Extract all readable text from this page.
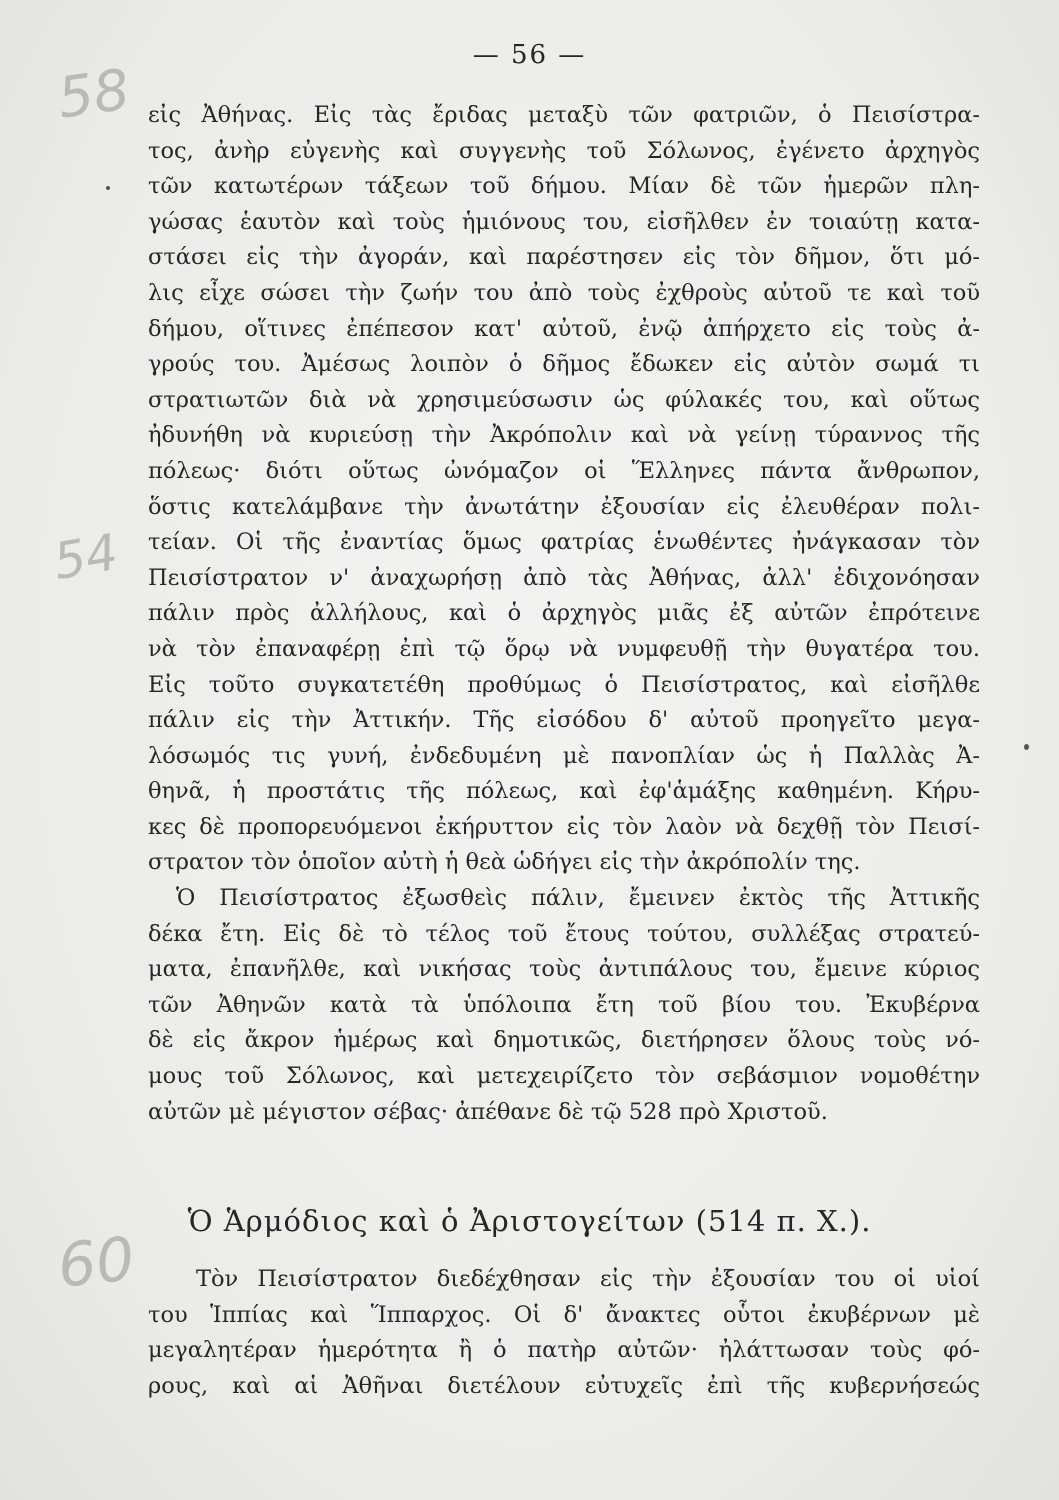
— 56 —
58
54
60

εἰς Ἀθήνας. Εἰς τὰς ἔριδας μεταξὺ τῶν φατριῶν, ὁ Πεισίστρα-
τος, ἀνὴρ εὐγενὴς καὶ συγγενὴς τοῦ Σόλωνος, ἐγένετο ἀρχηγὸς
τῶν κατωτέρων τάξεων τοῦ δήμου. Μίαν δὲ τῶν ἡμερῶν πλη-
γώσας ἑαυτὸν καὶ τοὺς ἡμιόνους του, εἰσῆλθεν ἐν τοιαύτῃ κατα-
στάσει εἰς τὴν ἀγοράν, καὶ παρέστησεν εἰς τὸν δῆμον, ὅτι μό-
λις εἶχε σώσει τὴν ζωήν του ἀπὸ τοὺς ἐχθροὺς αὐτοῦ τε καὶ τοῦ
δήμου, οἵτινες ἐπέπεσον κατ' αὐτοῦ, ἐνῷ ἀπήρχετο εἰς τοὺς ἀ-
γρούς του. Ἀμέσως λοιπὸν ὁ δῆμος ἔδωκεν εἰς αὐτὸν σωμά τι
στρατιωτῶν διὰ νὰ χρησιμεύσωσιν ὡς φύλακές του, καὶ οὕτως
ἠδυνήθη νὰ κυριεύσῃ τὴν Ἀκρόπολιν καὶ νὰ γείνῃ τύραννος τῆς
πόλεως· διότι οὕτως ὠνόμαζον οἱ Ἕλληνες πάντα ἄνθρωπον,
ὅστις κατελάμβανε τὴν ἀνωτάτην ἐξουσίαν εἰς ἐλευθέραν πολι-
τείαν. Οἱ τῆς ἐναντίας ὅμως φατρίας ἑνωθέντες ἠνάγκασαν τὸν
Πεισίστρατον ν' ἀναχωρήσῃ ἀπὸ τὰς Ἀθήνας, ἀλλ' ἐδιχονόησαν
πάλιν πρὸς ἀλλήλους, καὶ ὁ ἀρχηγὸς μιᾶς ἐξ αὐτῶν ἐπρότεινε
νὰ τὸν ἐπαναφέρῃ ἐπὶ τῷ ὅρῳ νὰ νυμφευθῇ τὴν θυγατέρα του.
Εἰς τοῦτο συγκατετέθη προθύμως ὁ Πεισίστρατος, καὶ εἰσῆλθε
πάλιν εἰς τὴν Ἀττικήν. Τῆς εἰσόδου δ' αὐτοῦ προηγεῖτο μεγα-
λόσωμός τις γυνή, ἐνδεδυμένη μὲ πανοπλίαν ὡς ἡ Παλλὰς Ἀ-
θηνᾶ, ἡ προστάτις τῆς πόλεως, καὶ ἐφ'ἁμάξης καθημένη. Κήρυ-
κες δὲ προπορευόμενοι ἐκήρυττον εἰς τὸν λαὸν νὰ δεχθῇ τὸν Πεισί-
στρατον τὸν ὁποῖον αὐτὴ ἡ θεὰ ὡδήγει εἰς τὴν ἀκρόπολίν της.

Ὁ Πεισίστρατος ἐξωσθεὶς πάλιν, ἔμεινεν ἐκτὸς τῆς Ἀττικῆς
δέκα ἔτη. Εἰς δὲ τὸ τέλος τοῦ ἔτους τούτου, συλλέξας στρατεύ-
ματα, ἐπανῆλθε, καὶ νικήσας τοὺς ἀντιπάλους του, ἔμεινε κύριος
τῶν Ἀθηνῶν κατὰ τὰ ὑπόλοιπα ἔτη τοῦ βίου του. Ἐκυβέρνα
δὲ εἰς ἄκρον ἡμέρως καὶ δημοτικῶς, διετήρησεν ὅλους τοὺς νό-
μους τοῦ Σόλωνος, καὶ μετεχειρίζετο τὸν σεβάσμιον νομοθέτην
αὐτῶν μὲ μέγιστον σέβας· ἀπέθανε δὲ τῷ 528 πρὸ Χριστοῦ.

Ὁ Ἁρμόδιος καὶ ὁ Ἀριστογείτων (514 π. Χ.).

Τὸν Πεισίστρατον διεδέχθησαν εἰς τὴν ἐξουσίαν του οἱ υἱοί
του Ἱππίας καὶ Ἵππαρχος. Οἱ δ' ἄνακτες οὗτοι ἐκυβέρνων μὲ
μεγαλητέραν ἡμερότητα ἢ ὁ πατὴρ αὐτῶν· ἠλάττωσαν τοὺς φό-
ρους, καὶ αἱ Ἀθῆναι διετέλουν εὐτυχεῖς ἐπὶ τῆς κυβερνήσεώς
